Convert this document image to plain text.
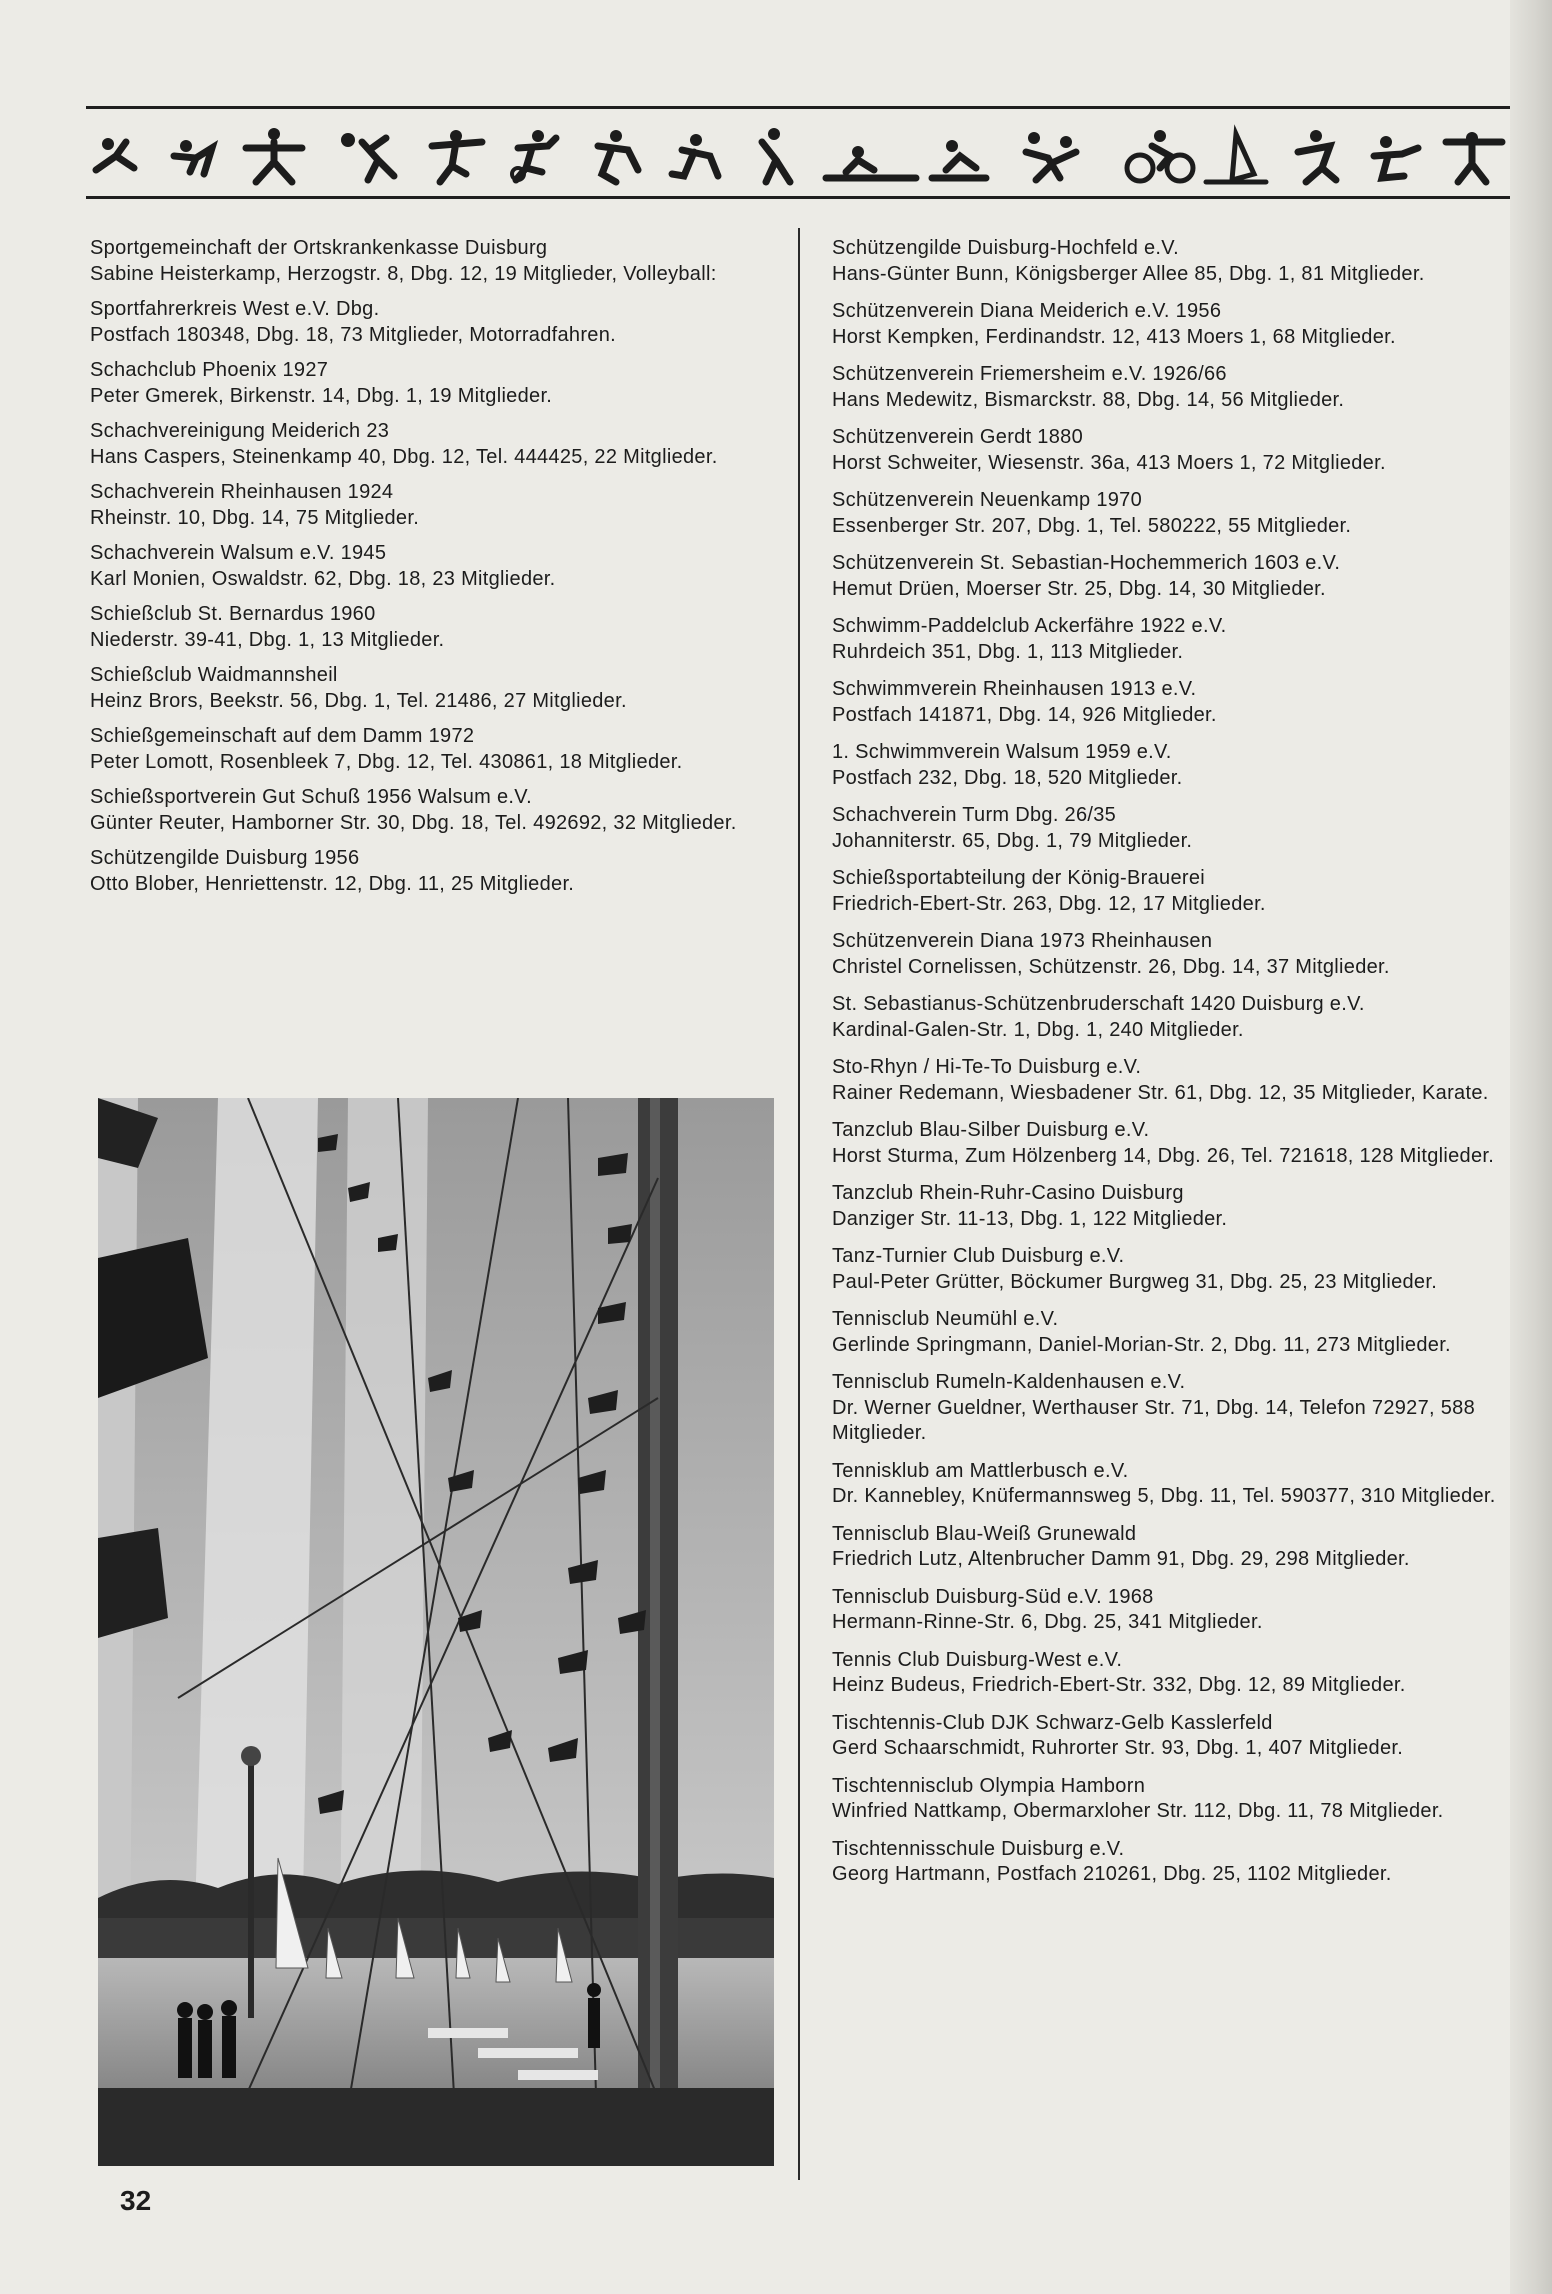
Sportgemeinchaft der Ortskrankenkasse Duisburg
Sabine Heisterkamp, Herzogstr. 8, Dbg. 12, 19 Mitglieder, Volleyball:
Sportfahrerkreis West e.V. Dbg.
Postfach 180348, Dbg. 18, 73 Mitglieder, Motorradfahren.
Schachclub Phoenix 1927
Peter Gmerek, Birkenstr. 14, Dbg. 1, 19 Mitglieder.
Schachvereinigung Meiderich 23
Hans Caspers, Steinenkamp 40, Dbg. 12, Tel. 444425, 22 Mitglieder.
Schachverein Rheinhausen 1924
Rheinstr. 10, Dbg. 14, 75 Mitglieder.
Schachverein Walsum e.V. 1945
Karl Monien, Oswaldstr. 62, Dbg. 18, 23 Mitglieder.
Schießclub St. Bernardus 1960
Niederstr. 39-41, Dbg. 1, 13 Mitglieder.
Schießclub Waidmannsheil
Heinz Brors, Beekstr. 56, Dbg. 1, Tel. 21486, 27 Mitglieder.
Schießgemeinschaft auf dem Damm 1972
Peter Lomott, Rosenbleek 7, Dbg. 12, Tel. 430861, 18 Mitglieder.
Schießsportverein Gut Schuß 1956 Walsum e.V.
Günter Reuter, Hamborner Str. 30, Dbg. 18, Tel. 492692, 32 Mitglieder.
Schützengilde Duisburg 1956
Otto Blober, Henriettenstr. 12, Dbg. 11, 25 Mitglieder.
Schützengilde Duisburg-Hochfeld e.V.
Hans-Günter Bunn, Königsberger Allee 85, Dbg. 1, 81 Mitglieder.
Schützenverein Diana Meiderich e.V. 1956
Horst Kempken, Ferdinandstr. 12, 413 Moers 1, 68 Mitglieder.
Schützenverein Friemersheim e.V. 1926/66
Hans Medewitz, Bismarckstr. 88, Dbg. 14, 56 Mitglieder.
Schützenverein Gerdt 1880
Horst Schweiter, Wiesenstr. 36a, 413 Moers 1, 72 Mitglieder.
Schützenverein Neuenkamp 1970
Essenberger Str. 207, Dbg. 1, Tel. 580222, 55 Mitglieder.
Schützenverein St. Sebastian-Hochemmerich 1603 e.V.
Hemut Drüen, Moerser Str. 25, Dbg. 14, 30 Mitglieder.
Schwimm-Paddelclub Ackerfähre 1922 e.V.
Ruhrdeich 351, Dbg. 1, 113 Mitglieder.
Schwimmverein Rheinhausen 1913 e.V.
Postfach 141871, Dbg. 14, 926 Mitglieder.
1. Schwimmverein Walsum 1959 e.V.
Postfach 232, Dbg. 18, 520 Mitglieder.
Schachverein Turm Dbg. 26/35
Johanniterstr. 65, Dbg. 1, 79 Mitglieder.
Schießsportabteilung der König-Brauerei
Friedrich-Ebert-Str. 263, Dbg. 12, 17 Mitglieder.
Schützenverein Diana 1973 Rheinhausen
Christel Cornelissen, Schützenstr. 26, Dbg. 14, 37 Mitglieder.
St. Sebastianus-Schützenbruderschaft 1420 Duisburg e.V.
Kardinal-Galen-Str. 1, Dbg. 1, 240 Mitglieder.
Sto-Rhyn / Hi-Te-To Duisburg e.V.
Rainer Redemann, Wiesbadener Str. 61, Dbg. 12, 35 Mitglieder, Karate.
Tanzclub Blau-Silber Duisburg e.V.
Horst Sturma, Zum Hölzenberg 14, Dbg. 26, Tel. 721618, 128 Mitglieder.
Tanzclub Rhein-Ruhr-Casino Duisburg
Danziger Str. 11-13, Dbg. 1, 122 Mitglieder.
Tanz-Turnier Club Duisburg e.V.
Paul-Peter Grütter, Böckumer Burgweg 31, Dbg. 25, 23 Mitglieder.
Tennisclub Neumühl e.V.
Gerlinde Springmann, Daniel-Morian-Str. 2, Dbg. 11, 273 Mitglieder.
Tennisclub Rumeln-Kaldenhausen e.V.
Dr. Werner Gueldner, Werthauser Str. 71, Dbg. 14, Telefon 72927, 588 Mitglieder.
Tennisklub am Mattlerbusch e.V.
Dr. Kannebley, Knüfermannsweg 5, Dbg. 11, Tel. 590377, 310 Mitglieder.
Tennisclub Blau-Weiß Grunewald
Friedrich Lutz, Altenbrucher Damm 91, Dbg. 29, 298 Mitglieder.
Tennisclub Duisburg-Süd e.V. 1968
Hermann-Rinne-Str. 6, Dbg. 25, 341 Mitglieder.
Tennis Club Duisburg-West e.V.
Heinz Budeus, Friedrich-Ebert-Str. 332, Dbg. 12, 89 Mitglieder.
Tischtennis-Club DJK Schwarz-Gelb Kasslerfeld
Gerd Schaarschmidt, Ruhrorter Str. 93, Dbg. 1, 407 Mitglieder.
Tischtennisclub Olympia Hamborn
Winfried Nattkamp, Obermarxloher Str. 112, Dbg. 11, 78 Mitglieder.
Tischtennisschule Duisburg e.V.
Georg Hartmann, Postfach 210261, Dbg. 25, 1102 Mitglieder.
32
